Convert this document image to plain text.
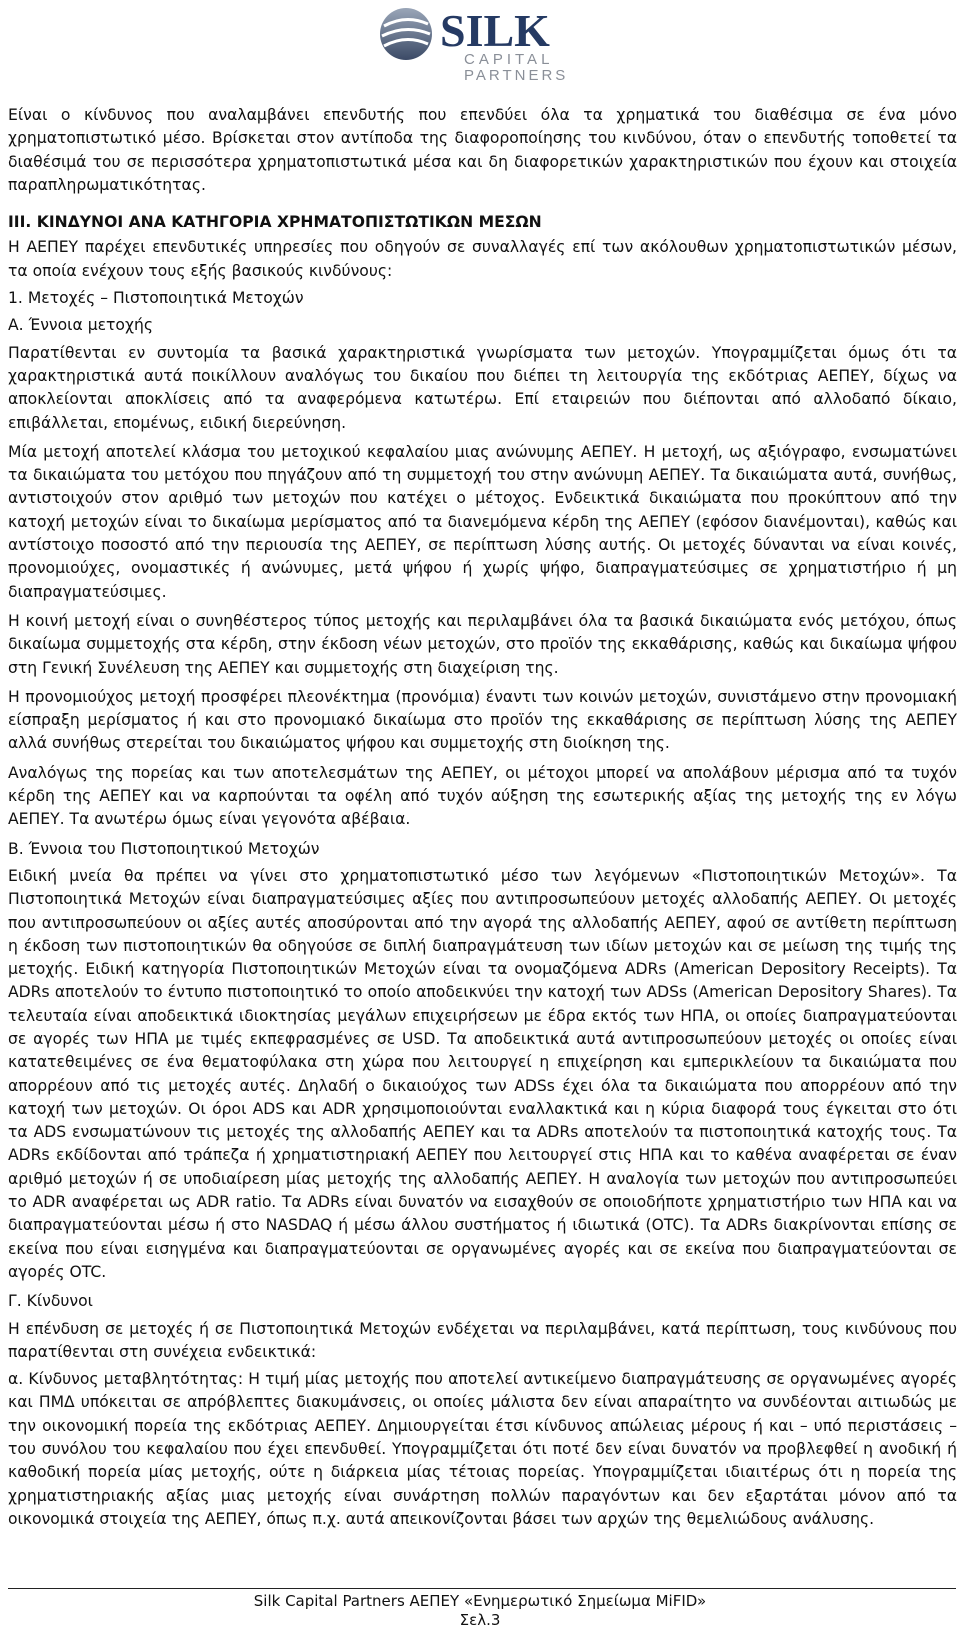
SILK
CAPITAL
PARTNERS

Είναι ο κίνδυνος που αναλαμβάνει επενδυτής που επενδύει όλα τα χρηματικά του διαθέσιμα σε ένα μόνο χρηματοπιστωτικό μέσο. Βρίσκεται στον αντίποδα της διαφοροποίησης του κινδύνου, όταν ο επενδυτής τοποθετεί τα διαθέσιμά του σε περισσότερα χρηματοπιστωτικά μέσα και δη διαφορετικών χαρακτηριστικών που έχουν και στοιχεία παραπληρωματικότητας.

III. ΚΙΝΔΥΝΟΙ ΑΝΑ ΚΑΤΗΓΟΡΙΑ ΧΡΗΜΑΤΟΠΙΣΤΩΤΙΚΩΝ ΜΕΣΩΝ

Η ΑΕΠΕΥ παρέχει επενδυτικές υπηρεσίες που οδηγούν σε συναλλαγές επί των ακόλουθων χρηματοπιστωτικών μέσων, τα οποία ενέχουν τους εξής βασικούς κινδύνους:

1. Μετοχές – Πιστοποιητικά Μετοχών
Α. Έννοια μετοχής

Παρατίθενται εν συντομία τα βασικά χαρακτηριστικά γνωρίσματα των μετοχών. Υπογραμμίζεται όμως ότι τα χαρακτηριστικά αυτά ποικίλλουν αναλόγως του δικαίου που διέπει τη λειτουργία της εκδότριας ΑΕΠΕΥ, δίχως να αποκλείονται αποκλίσεις από τα αναφερόμενα κατωτέρω. Επί εταιρειών που διέπονται από αλλοδαπό δίκαιο, επιβάλλεται, επομένως, ειδική διερεύνηση.

Μία μετοχή αποτελεί κλάσμα του μετοχικού κεφαλαίου μιας ανώνυμης ΑΕΠΕΥ. Η μετοχή, ως αξιόγραφο, ενσωματώνει τα δικαιώματα του μετόχου που πηγάζουν από τη συμμετοχή του στην ανώνυμη ΑΕΠΕΥ. Τα δικαιώματα αυτά, συνήθως, αντιστοιχούν στον αριθμό των μετοχών που κατέχει ο μέτοχος. Ενδεικτικά δικαιώματα που προκύπτουν από την κατοχή μετοχών είναι το δικαίωμα μερίσματος από τα διανεμόμενα κέρδη της ΑΕΠΕΥ (εφόσον διανέμονται), καθώς και αντίστοιχο ποσοστό από την περιουσία της ΑΕΠΕΥ, σε περίπτωση λύσης αυτής. Οι μετοχές δύνανται να είναι κοινές, προνομιούχες, ονομαστικές ή ανώνυμες, μετά ψήφου ή χωρίς ψήφο, διαπραγματεύσιμες σε χρηματιστήριο ή μη διαπραγματεύσιμες.

Η κοινή μετοχή είναι ο συνηθέστερος τύπος μετοχής και περιλαμβάνει όλα τα βασικά δικαιώματα ενός μετόχου, όπως δικαίωμα συμμετοχής στα κέρδη, στην έκδοση νέων μετοχών, στο προϊόν της εκκαθάρισης, καθώς και δικαίωμα ψήφου στη Γενική Συνέλευση της ΑΕΠΕΥ και συμμετοχής στη διαχείριση της.

Η προνομιούχος μετοχή προσφέρει πλεονέκτημα (προνόμια) έναντι των κοινών μετοχών, συνιστάμενο στην προνομιακή είσπραξη μερίσματος ή και στο προνομιακό δικαίωμα στο προϊόν της εκκαθάρισης σε περίπτωση λύσης της ΑΕΠΕΥ αλλά συνήθως στερείται του δικαιώματος ψήφου και συμμετοχής στη διοίκηση της.

Αναλόγως της πορείας και των αποτελεσμάτων της ΑΕΠΕΥ, οι μέτοχοι μπορεί να απολάβουν μέρισμα από τα τυχόν κέρδη της ΑΕΠΕΥ και να καρπούνται τα οφέλη από τυχόν αύξηση της εσωτερικής αξίας της μετοχής της εν λόγω ΑΕΠΕΥ. Τα ανωτέρω όμως είναι γεγονότα αβέβαια.

Β. Έννοια του Πιστοποιητικού Μετοχών

Ειδική μνεία θα πρέπει να γίνει στο χρηματοπιστωτικό μέσο των λεγόμενων «Πιστοποιητικών Μετοχών». Τα Πιστοποιητικά Μετοχών είναι διαπραγματεύσιμες αξίες που αντιπροσωπεύουν μετοχές αλλοδαπής ΑΕΠΕΥ. Οι μετοχές που αντιπροσωπεύουν οι αξίες αυτές αποσύρονται από την αγορά της αλλοδαπής ΑΕΠΕΥ, αφού σε αντίθετη περίπτωση η έκδοση των πιστοποιητικών θα οδηγούσε σε διπλή διαπραγμάτευση των ιδίων μετοχών και σε μείωση της τιμής της μετοχής. Ειδική κατηγορία Πιστοποιητικών Μετοχών είναι τα ονομαζόμενα ADRs (American Depository Receipts). Τα ADRs αποτελούν το έντυπο πιστοποιητικό το οποίο αποδεικνύει την κατοχή των ADSs (American Depository Shares). Τα τελευταία είναι αποδεικτικά ιδιοκτησίας μεγάλων επιχειρήσεων με έδρα εκτός των ΗΠΑ, οι οποίες διαπραγματεύονται σε αγορές των ΗΠΑ με τιμές εκπεφρασμένες σε USD. Τα αποδεικτικά αυτά αντιπροσωπεύουν μετοχές οι οποίες είναι κατατεθειμένες σε ένα θεματοφύλακα στη χώρα που λειτουργεί η επιχείρηση και εμπερικλείουν τα δικαιώματα που απορρέουν από τις μετοχές αυτές. Δηλαδή ο δικαιούχος των ADSs έχει όλα τα δικαιώματα που απορρέουν από την κατοχή των μετοχών. Οι όροι ADS και ADR χρησιμοποιούνται εναλλακτικά και η κύρια διαφορά τους έγκειται στο ότι τα ADS ενσωματώνουν τις μετοχές της αλλοδαπής ΑΕΠΕΥ και τα ADRs αποτελούν τα πιστοποιητικά κατοχής τους. Τα ADRs εκδίδονται από τράπεζα ή χρηματιστηριακή ΑΕΠΕΥ που λειτουργεί στις ΗΠΑ και το καθένα αναφέρεται σε έναν αριθμό μετοχών ή σε υποδιαίρεση μίας μετοχής της αλλοδαπής ΑΕΠΕΥ. Η αναλογία των μετοχών που αντιπροσωπεύει το ADR αναφέρεται ως ADR ratio. Τα ADRs είναι δυνατόν να εισαχθούν σε οποιοδήποτε χρηματιστήριο των ΗΠΑ και να διαπραγματεύονται μέσω ή στο NASDAQ ή μέσω άλλου συστήματος ή ιδιωτικά (OTC). Τα ADRs διακρίνονται επίσης σε εκείνα που είναι εισηγμένα και διαπραγματεύονται σε οργανωμένες αγορές και σε εκείνα που διαπραγματεύονται σε αγορές OTC.

Γ. Κίνδυνοι

Η επένδυση σε μετοχές ή σε Πιστοποιητικά Μετοχών ενδέχεται να περιλαμβάνει, κατά περίπτωση, τους κινδύνους που παρατίθενται στη συνέχεια ενδεικτικά:

α. Κίνδυνος μεταβλητότητας: Η τιμή μίας μετοχής που αποτελεί αντικείμενο διαπραγμάτευσης σε οργανωμένες αγορές και ΠΜΔ υπόκειται σε απρόβλεπτες διακυμάνσεις, οι οποίες μάλιστα δεν είναι απαραίτητο να συνδέονται αιτιωδώς με την οικονομική πορεία της εκδότριας ΑΕΠΕΥ. Δημιουργείται έτσι κίνδυνος απώλειας μέρους ή και – υπό περιστάσεις – του συνόλου του κεφαλαίου που έχει επενδυθεί. Υπογραμμίζεται ότι ποτέ δεν είναι δυνατόν να προβλεφθεί η ανοδική ή καθοδική πορεία μίας μετοχής, ούτε η διάρκεια μίας τέτοιας πορείας. Υπογραμμίζεται ιδιαιτέρως ότι η πορεία της χρηματιστηριακής αξίας μιας μετοχής είναι συνάρτηση πολλών παραγόντων και δεν εξαρτάται μόνον από τα οικονομικά στοιχεία της ΑΕΠΕΥ, όπως π.χ. αυτά απεικονίζονται βάσει των αρχών της θεμελιώδους ανάλυσης.

Silk Capital Partners ΑΕΠΕΥ «Ενημερωτικό Σημείωμα MiFID»
Σελ.3
